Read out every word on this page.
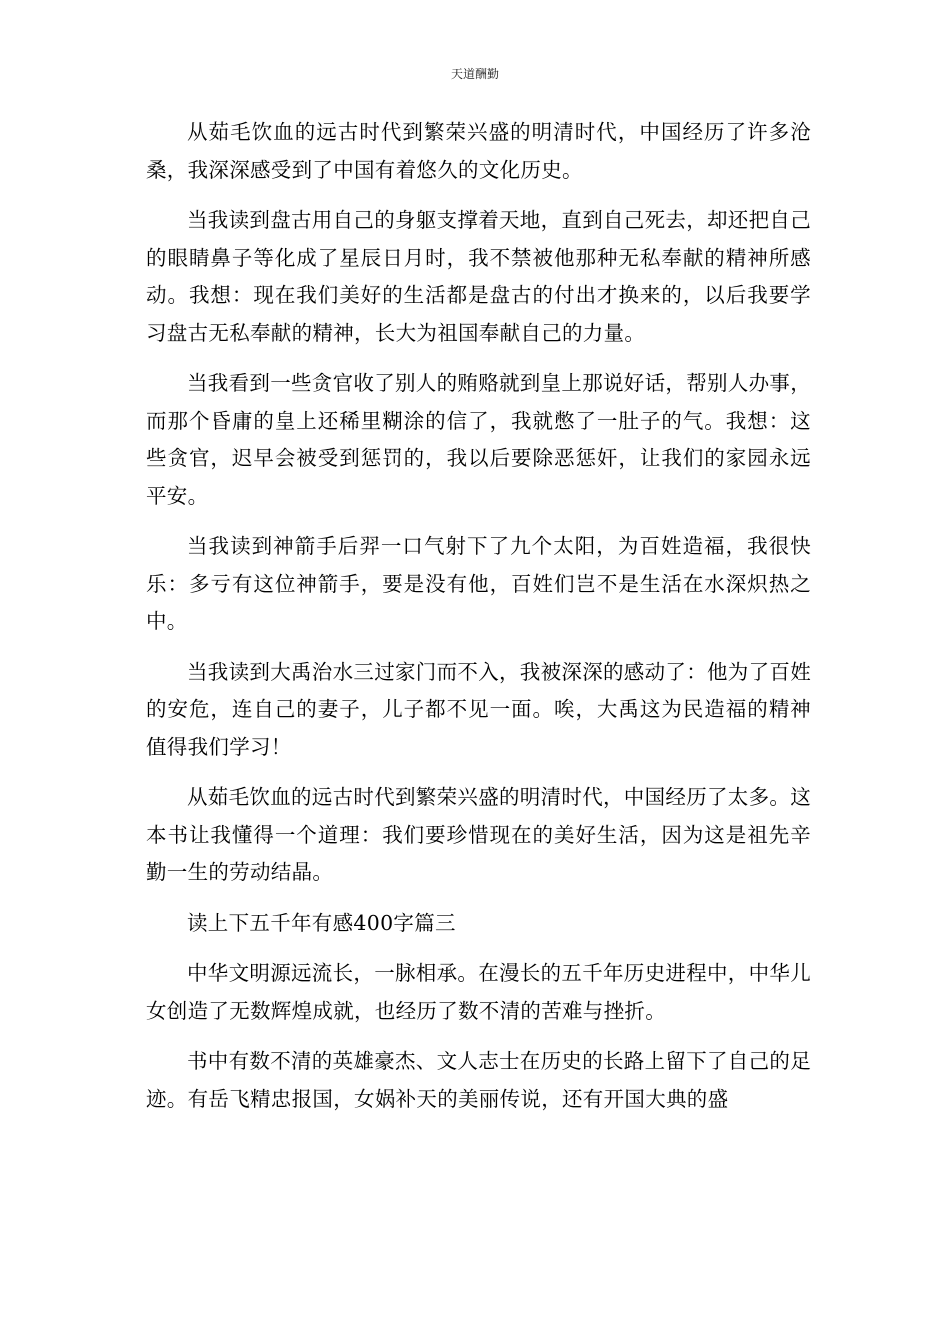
天道酬勤

从茹毛饮血的远古时代到繁荣兴盛的明清时代，中国经历了许多沧桑，我深深感受到了中国有着悠久的文化历史。

当我读到盘古用自己的身躯支撑着天地，直到自己死去，却还把自己的眼睛鼻子等化成了星辰日月时，我不禁被他那种无私奉献的精神所感动。我想：现在我们美好的生活都是盘古的付出才换来的，以后我要学习盘古无私奉献的精神，长大为祖国奉献自己的力量。

当我看到一些贪官收了别人的贿赂就到皇上那说好话，帮别人办事，而那个昏庸的皇上还稀里糊涂的信了，我就憋了一肚子的气。我想：这些贪官，迟早会被受到惩罚的，我以后要除恶惩奸，让我们的家园永远平安。

当我读到神箭手后羿一口气射下了九个太阳，为百姓造福，我很快乐：多亏有这位神箭手，要是没有他，百姓们岂不是生活在水深炽热之中。

当我读到大禹治水三过家门而不入，我被深深的感动了：他为了百姓的安危，连自己的妻子，儿子都不见一面。唉，大禹这为民造福的精神值得我们学习！

从茹毛饮血的远古时代到繁荣兴盛的明清时代，中国经历了太多。这本书让我懂得一个道理：我们要珍惜现在的美好生活，因为这是祖先辛勤一生的劳动结晶。

读上下五千年有感400字篇三

中华文明源远流长，一脉相承。在漫长的五千年历史进程中，中华儿女创造了无数辉煌成就，也经历了数不清的苦难与挫折。

书中有数不清的英雄豪杰、文人志士在历史的长路上留下了自己的足迹。有岳飞精忠报国，女娲补天的美丽传说，还有开国大典的盛
